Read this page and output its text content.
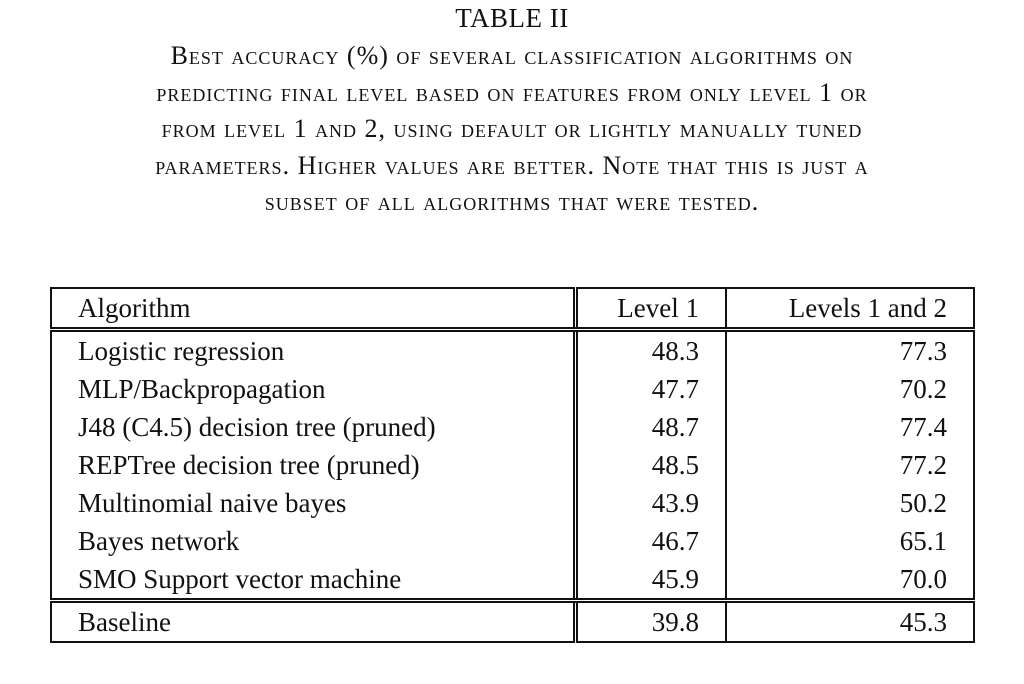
TABLE II
Best accuracy (%) of several classification algorithms on
predicting final level based on features from only level 1 or
from level 1 and 2, using default or lightly manually tuned
parameters. Higher values are better. Note that this is just a
subset of all algorithms that were tested.
Algorithm	Level 1	Levels 1 and 2
Logistic regression	48.3	77.3
MLP/Backpropagation	47.7	70.2
J48 (C4.5) decision tree (pruned)	48.7	77.4
REPTree decision tree (pruned)	48.5	77.2
Multinomial naive bayes	43.9	50.2
Bayes network	46.7	65.1
SMO Support vector machine	45.9	70.0
Baseline	39.8	45.3
